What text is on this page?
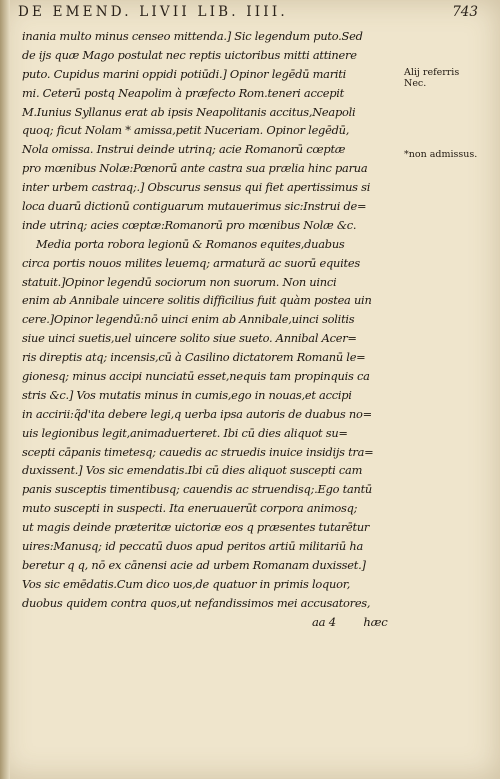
DE EMEND. LIVII LIB. IIII.	743
inania multo minus censeo mittenda.] Sic legendum puto.Sed
de ijs quæ Mago postulat nec reptis uictoribus mitti attinere
puto. Cupidus marini oppidi potiūdi.] Opinor legēdū mariti
mi. Ceterū postq Neapolim à præfecto Rom.teneri accepit
M.Iunius Syllanus erat ab ipsis Neapolitanis accitus,Neapoli
quoq; ficut Nolam * amissa,petit Nuceriam. Opinor legēdū,
Nola omissa. Instrui deinde utrinq; acie Romanorū cœptæ
pro mœnibus Nolæ:Pœnorū ante castra sua prælia hinc parua
inter urbem castraq;.] Obscurus sensus qui fiet apertissimus si
loca duarū dictionū contiguarum mutauerimus sic:Instrui de=
inde utrinq; acies cœptæ:Romanorū pro mœnibus Nolæ &c.
Media porta robora legionū & Romanos equites,duabus
circa portis nouos milites leuemq; armatură ac suorū equites
statuit.]Opinor legendū sociorum non suorum. Non uinci
enim ab Annibale uincere solitis difficilius fuit quàm postea uin
cere.]Opinor legendū:nō uinci enim ab Annibale,uinci solitis
siue uinci suetis,uel uincere solito siue sueto. Annibal Acer=
ris direptis atq; incensis,cū à Casilino dictatorem Romanū le=
gionesq; minus accipi nunciatū esset,nequis tam propinquis ca
stris &c.] Vos mutatis minus in cumis,ego in nouas,et accipi
in accirii:q̃d'ita debere legi,q uerba ipsa autoris de duabus no=
uis legionibus legit,animaduerteret. Ibi cū dies aliquot su=
scepti cāpanis timetesq; cauedis ac struedis inuice insidijs tra=
duxissent.] Vos sic emendatis.Ibi cū dies aliquot suscepti cam
panis susceptis timentibusq; cauendis ac struendisq;.Ego tantū
muto suscepti in suspecti. Ita eneruauerūt corpora animosq;
ut magis deinde præteritæ uictoriæ eos q præsentes tutarētur
uires:Manusq; id peccatū duos apud peritos artiū militariū ha
beretur q q, nō ex cānensi acie ad urbem Romanam duxisset.]
Vos sic emēdatis.Cum dico uos,de quatuor in primis loquor,
duobus quidem contra quos,ut nefandissimos mei accusatores,
aa 4        hæc
Alij referris
Nec.
*non admissus.
